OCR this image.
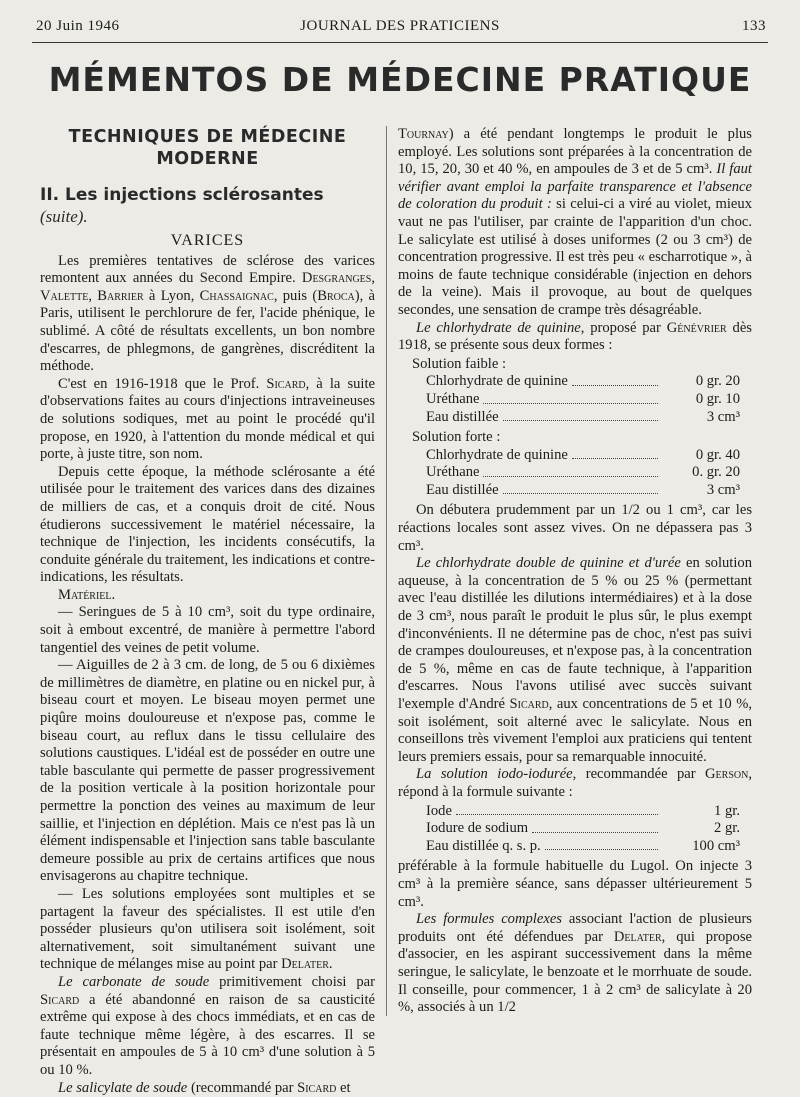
20 Juin 1946	JOURNAL DES PRATICIENS	133
MÉMENTOS DE MÉDECINE PRATIQUE
TECHNIQUES DE MÉDECINE
MODERNE
II. Les injections sclérosantes (suite).
VARICES

Les premières tentatives de sclérose des varices remontent aux années du Second Empire. Desgranges, Valette, Barrier à Lyon, Chassaignac, puis (Broca), à Paris, utilisent le perchlorure de fer, l'acide phénique, le sublimé. A côté de résultats excellents, un bon nombre d'escarres, de phlegmons, de gangrènes, discréditent la méthode.

C'est en 1916-1918 que le Prof. Sicard, à la suite d'observations faites au cours d'injections intraveineuses de solutions sodiques, met au point le procédé qu'il propose, en 1920, à l'attention du monde médical et qui porte, à juste titre, son nom.

Depuis cette époque, la méthode sclérosante a été utilisée pour le traitement des varices dans des dizaines de milliers de cas, et a conquis droit de cité. Nous étudierons successivement le matériel nécessaire, la technique de l'injection, les incidents consécutifs, la conduite générale du traitement, les indications et contre-indications, les résultats.

Matériel.

— Seringues de 5 à 10 cm³, soit du type ordinaire, soit à embout excentré, de manière à permettre l'abord tangentiel des veines de petit volume.

— Aiguilles de 2 à 3 cm. de long, de 5 ou 6 dixièmes de millimètres de diamètre, en platine ou en nickel pur, à biseau court et moyen. Le biseau moyen permet une piqûre moins douloureuse et n'expose pas, comme le biseau court, au reflux dans le tissu cellulaire des solutions caustiques. L'idéal est de posséder en outre une table basculante qui permette de passer progressivement de la position verticale à la position horizontale pour permettre la ponction des veines au maximum de leur saillie, et l'injection en déplétion. Mais ce n'est pas là un élément indispensable et l'injection sans table basculante demeure possible au prix de certains artifices que nous envisagerons au chapitre technique.

— Les solutions employées sont multiples et se partagent la faveur des spécialistes. Il est utile d'en posséder plusieurs qu'on utilisera soit isolément, soit alternativement, soit simultanément suivant une technique de mélanges mise au point par Delater.

Le carbonate de soude primitivement choisi par Sicard a été abandonné en raison de sa causticité extrême qui expose à des chocs immédiats, et en cas de faute technique même légère, à des escarres. Il se présentait en ampoules de 5 à 10 cm³ d'une solution à 5 ou 10 %.

Le salicylate de soude (recommandé par Sicard et

Tournay) a été pendant longtemps le produit le plus employé. Les solutions sont préparées à la concentration de 10, 15, 20, 30 et 40 %, en ampoules de 3 et de 5 cm³. Il faut vérifier avant emploi la parfaite transparence et l'absence de coloration du produit : si celui-ci a viré au violet, mieux vaut ne pas l'utiliser, par crainte de l'apparition d'un choc. Le salicylate est utilisé à doses uniformes (2 ou 3 cm³) de concentration progressive. Il est très peu « escharrotique », à moins de faute technique considérable (injection en dehors de la veine). Mais il provoque, au bout de quelques secondes, une sensation de crampe très désagréable.

Le chlorhydrate de quinine, proposé par Génévrier dès 1918, se présente sous deux formes :

Solution faible :
Chlorhydrate de quinine	0 gr. 20
Uréthane	0 gr. 10
Eau distillée	3 cm³
Solution forte :
Chlorhydrate de quinine	0 gr. 40
Uréthane	0. gr. 20
Eau distillée	3 cm³

On débutera prudemment par un 1/2 ou 1 cm³, car les réactions locales sont assez vives. On ne dépassera pas 3 cm³.

Le chlorhydrate double de quinine et d'urée en solution aqueuse, à la concentration de 5 % ou 25 % (permettant avec l'eau distillée les dilutions intermédiaires) et à la dose de 3 cm³, nous paraît le produit le plus sûr, le plus exempt d'inconvénients. Il ne détermine pas de choc, n'est pas suivi de crampes douloureuses, et n'expose pas, à la concentration de 5 %, même en cas de faute technique, à l'apparition d'escarres. Nous l'avons utilisé avec succès suivant l'exemple d'André Sicard, aux concentrations de 5 et 10 %, soit isolément, soit alterné avec le salicylate. Nous en conseillons très vivement l'emploi aux praticiens qui tentent leurs premiers essais, pour sa remarquable innocuité.

La solution iodo-iodurée, recommandée par Gerson, répond à la formule suivante :

Iode	1 gr.
Iodure de sodium	2 gr.
Eau distillée q. s. p.	100 cm³

préférable à la formule habituelle du Lugol. On injecte 3 cm³ à la première séance, sans dépasser ultérieurement 5 cm³.

Les formules complexes associant l'action de plusieurs produits ont été défendues par Delater, qui propose d'associer, en les aspirant successivement dans la même seringue, le salicylate, le benzoate et le morrhuate de soude. Il conseille, pour commencer, 1 à 2 cm³ de salicylate à 20 %, associés à un 1/2
